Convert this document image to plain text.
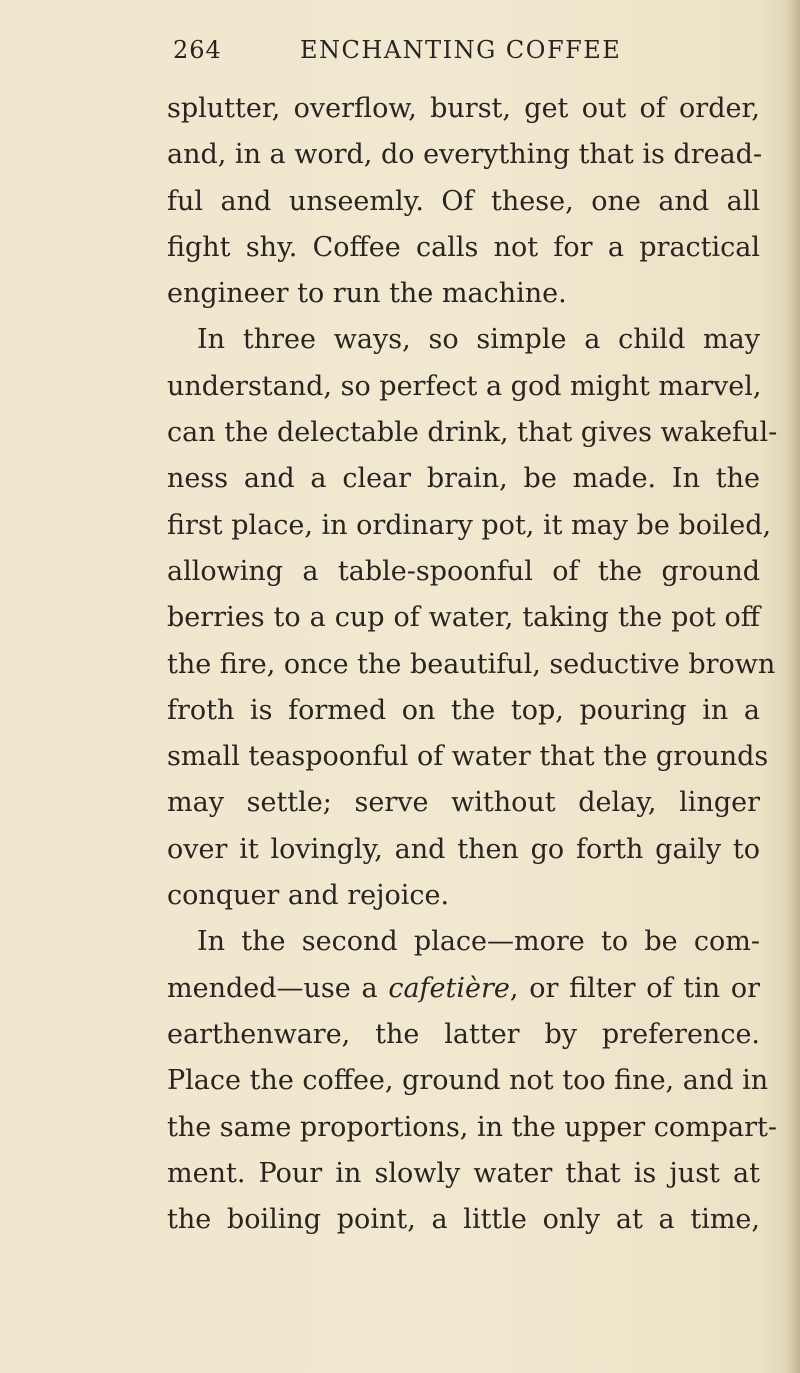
264	ENCHANTING COFFEE
splutter, overflow, burst, get out of order,
and, in a word, do everything that is dread-
ful and unseemly. Of these, one and all
fight shy. Coffee calls not for a practical
engineer to run the machine.
In three ways, so simple a child may
understand, so perfect a god might marvel,
can the delectable drink, that gives wakeful-
ness and a clear brain, be made. In the
first place, in ordinary pot, it may be boiled,
allowing a table-spoonful of the ground
berries to a cup of water, taking the pot off
the fire, once the beautiful, seductive brown
froth is formed on the top, pouring in a
small teaspoonful of water that the grounds
may settle; serve without delay, linger
over it lovingly, and then go forth gaily to
conquer and rejoice.
In the second place—more to be com-
mended—use a cafetière, or filter of tin or
earthenware, the latter by preference.
Place the coffee, ground not too fine, and in
the same proportions, in the upper compart-
ment. Pour in slowly water that is just at
the boiling point, a little only at a time,
